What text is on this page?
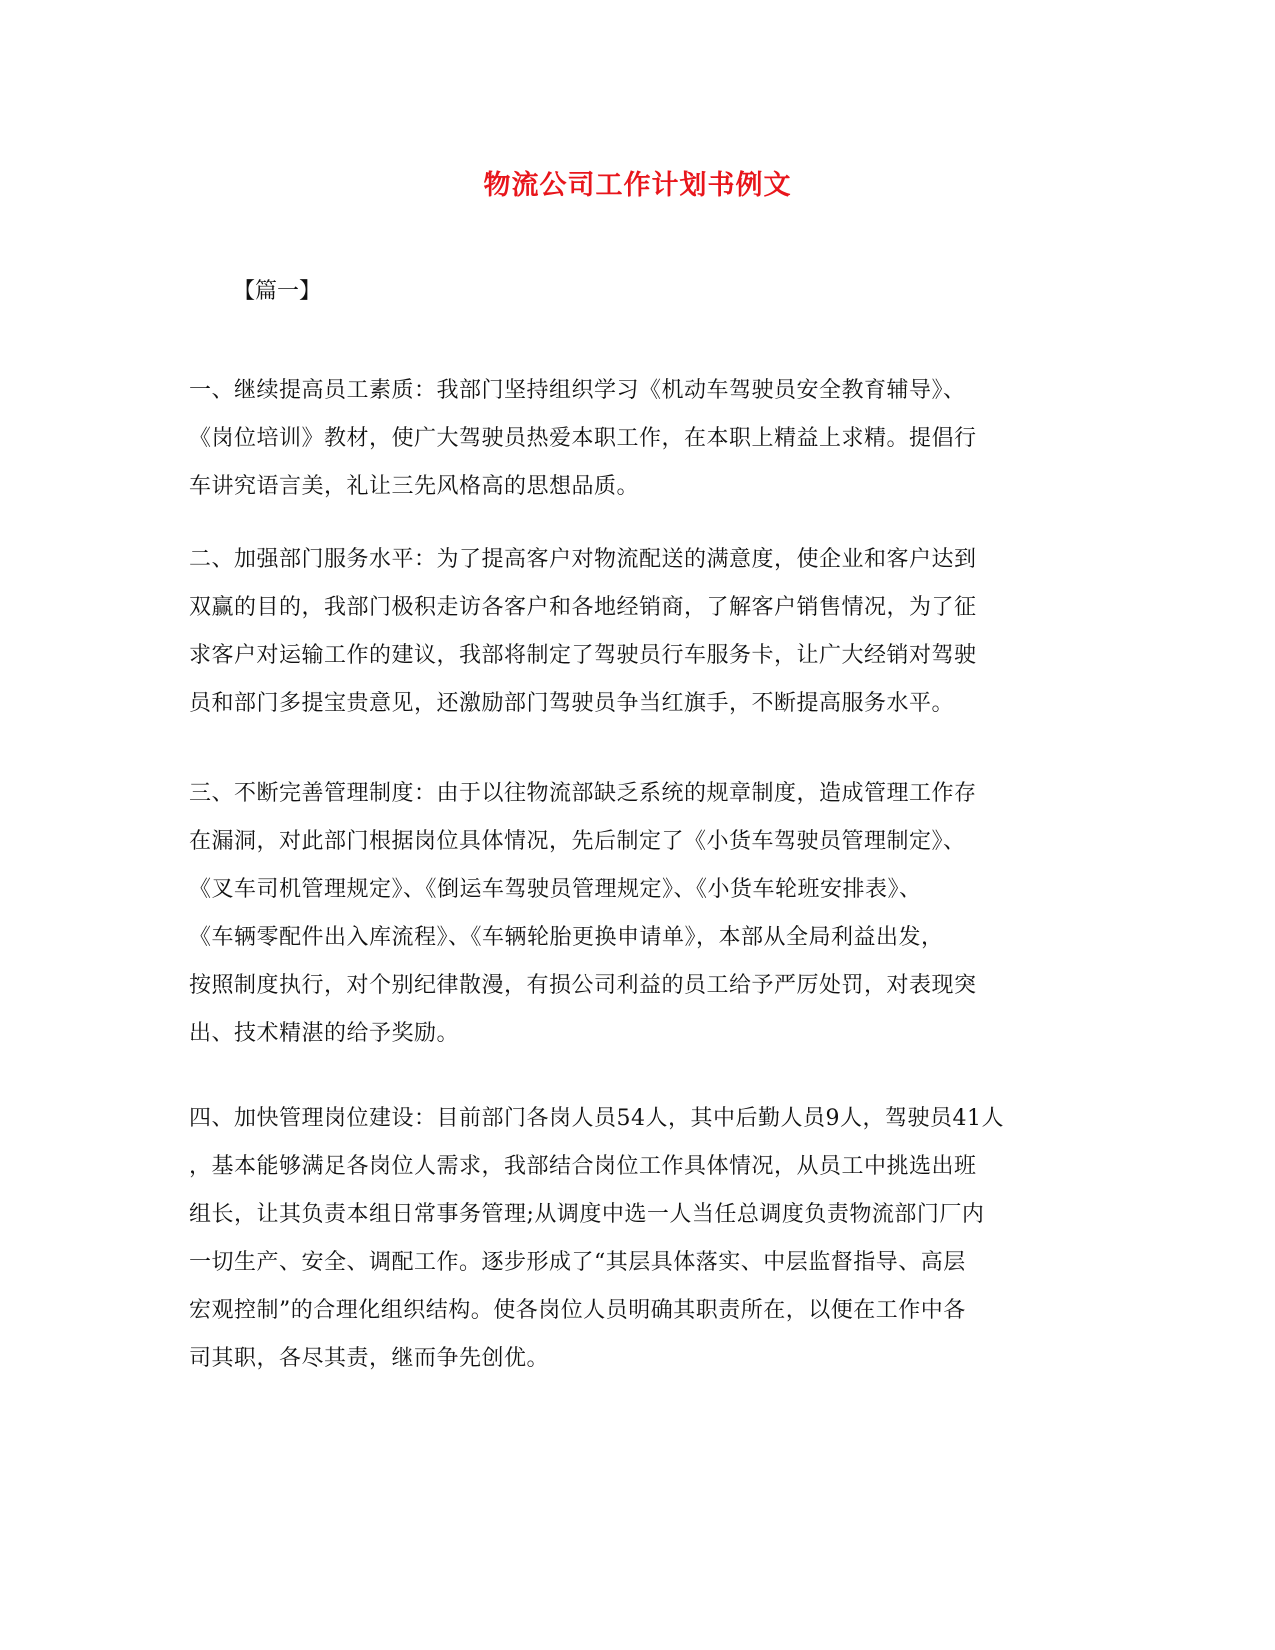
物流公司工作计划书例文
【篇一】
一、继续提高员工素质：我部门坚持组织学习《机动车驾驶员安全教育辅导》、
《岗位培训》教材，使广大驾驶员热爱本职工作，在本职上精益上求精。提倡行
车讲究语言美，礼让三先风格高的思想品质。
二、加强部门服务水平：为了提高客户对物流配送的满意度，使企业和客户达到
双赢的目的，我部门极积走访各客户和各地经销商，了解客户销售情况，为了征
求客户对运输工作的建议，我部将制定了驾驶员行车服务卡，让广大经销对驾驶
员和部门多提宝贵意见，还激励部门驾驶员争当红旗手，不断提高服务水平。
三、不断完善管理制度：由于以往物流部缺乏系统的规章制度，造成管理工作存
在漏洞，对此部门根据岗位具体情况，先后制定了《小货车驾驶员管理制定》、
《叉车司机管理规定》、《倒运车驾驶员管理规定》、《小货车轮班安排表》、
《车辆零配件出入库流程》、《车辆轮胎更换申请单》，本部从全局利益出发，
按照制度执行，对个别纪律散漫，有损公司利益的员工给予严厉处罚，对表现突
出、技术精湛的给予奖励。
四、加快管理岗位建设：目前部门各岗人员54人，其中后勤人员9人，驾驶员41人
，基本能够满足各岗位人需求，我部结合岗位工作具体情况，从员工中挑选出班
组长，让其负责本组日常事务管理;从调度中选一人当任总调度负责物流部门厂内
一切生产、安全、调配工作。逐步形成了“其层具体落实、中层监督指导、高层
宏观控制”的合理化组织结构。使各岗位人员明确其职责所在，以便在工作中各
司其职，各尽其责，继而争先创优。
